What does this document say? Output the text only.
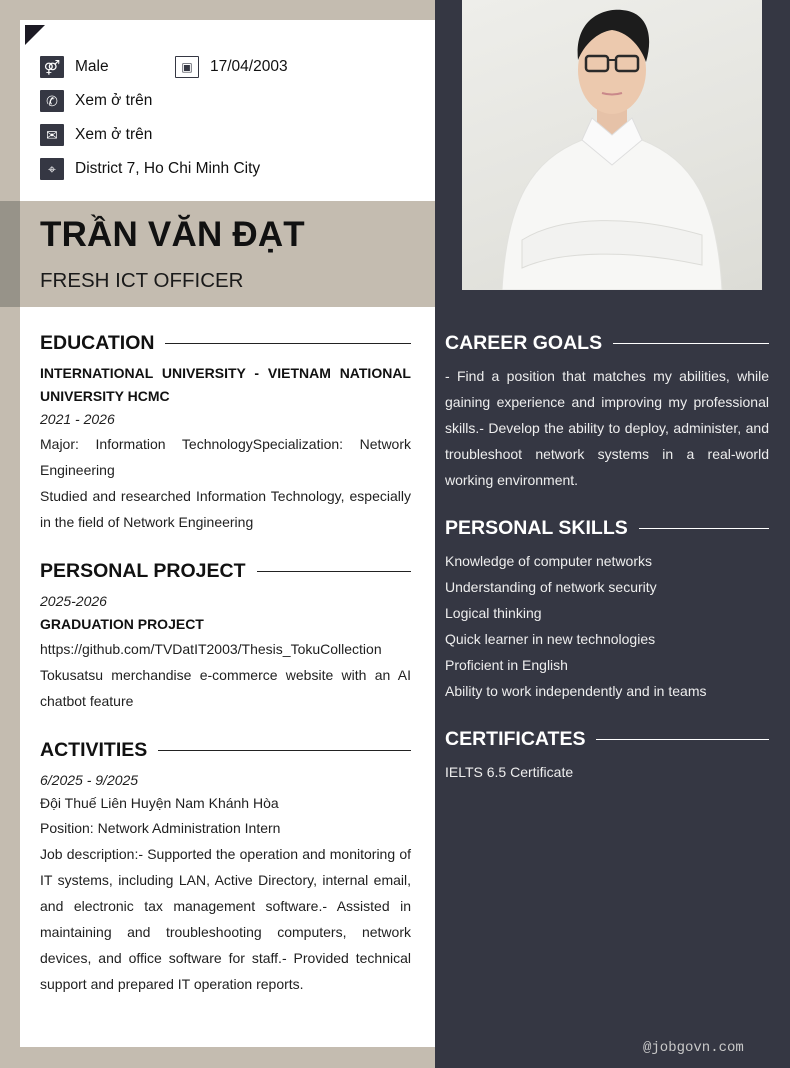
⚤ Male	▣	17/04/2003
✆	Xem ở trên
✉	Xem ở trên
⌖	District 7, Ho Chi Minh City
TRẦN VĂN ĐẠT
FRESH ICT OFFICER
EDUCATION
INTERNATIONAL UNIVERSITY - VIETNAM NATIONAL UNIVERSITY HCMC
2021 - 2026
Major: Information TechnologySpecialization: Network Engineering
Studied and researched Information Technology, especially in the field of Network Engineering
PERSONAL PROJECT
2025-2026
GRADUATION PROJECT
https://github.com/TVDatIT2003/Thesis_TokuCollection
Tokusatsu merchandise e-commerce website with an AI chatbot feature
ACTIVITIES
6/2025 - 9/2025
Đội Thuế Liên Huyện Nam Khánh Hòa
Position: Network Administration Intern
Job description:- Supported the operation and monitoring of IT systems, including LAN, Active Directory, internal email, and electronic tax management software.- Assisted in maintaining and troubleshooting computers, network devices, and office software for staff.- Provided technical support and prepared IT operation reports.
CAREER GOALS
- Find a position that matches my abilities, while gaining experience and improving my professional skills.- Develop the ability to deploy, administer, and troubleshoot network systems in a real-world working environment.
PERSONAL SKILLS
Knowledge of computer networks
Understanding of network security
Logical thinking
Quick learner in new technologies
Proficient in English
Ability to work independently and in teams
CERTIFICATES
IELTS 6.5 Certificate
@jobgovn.com
